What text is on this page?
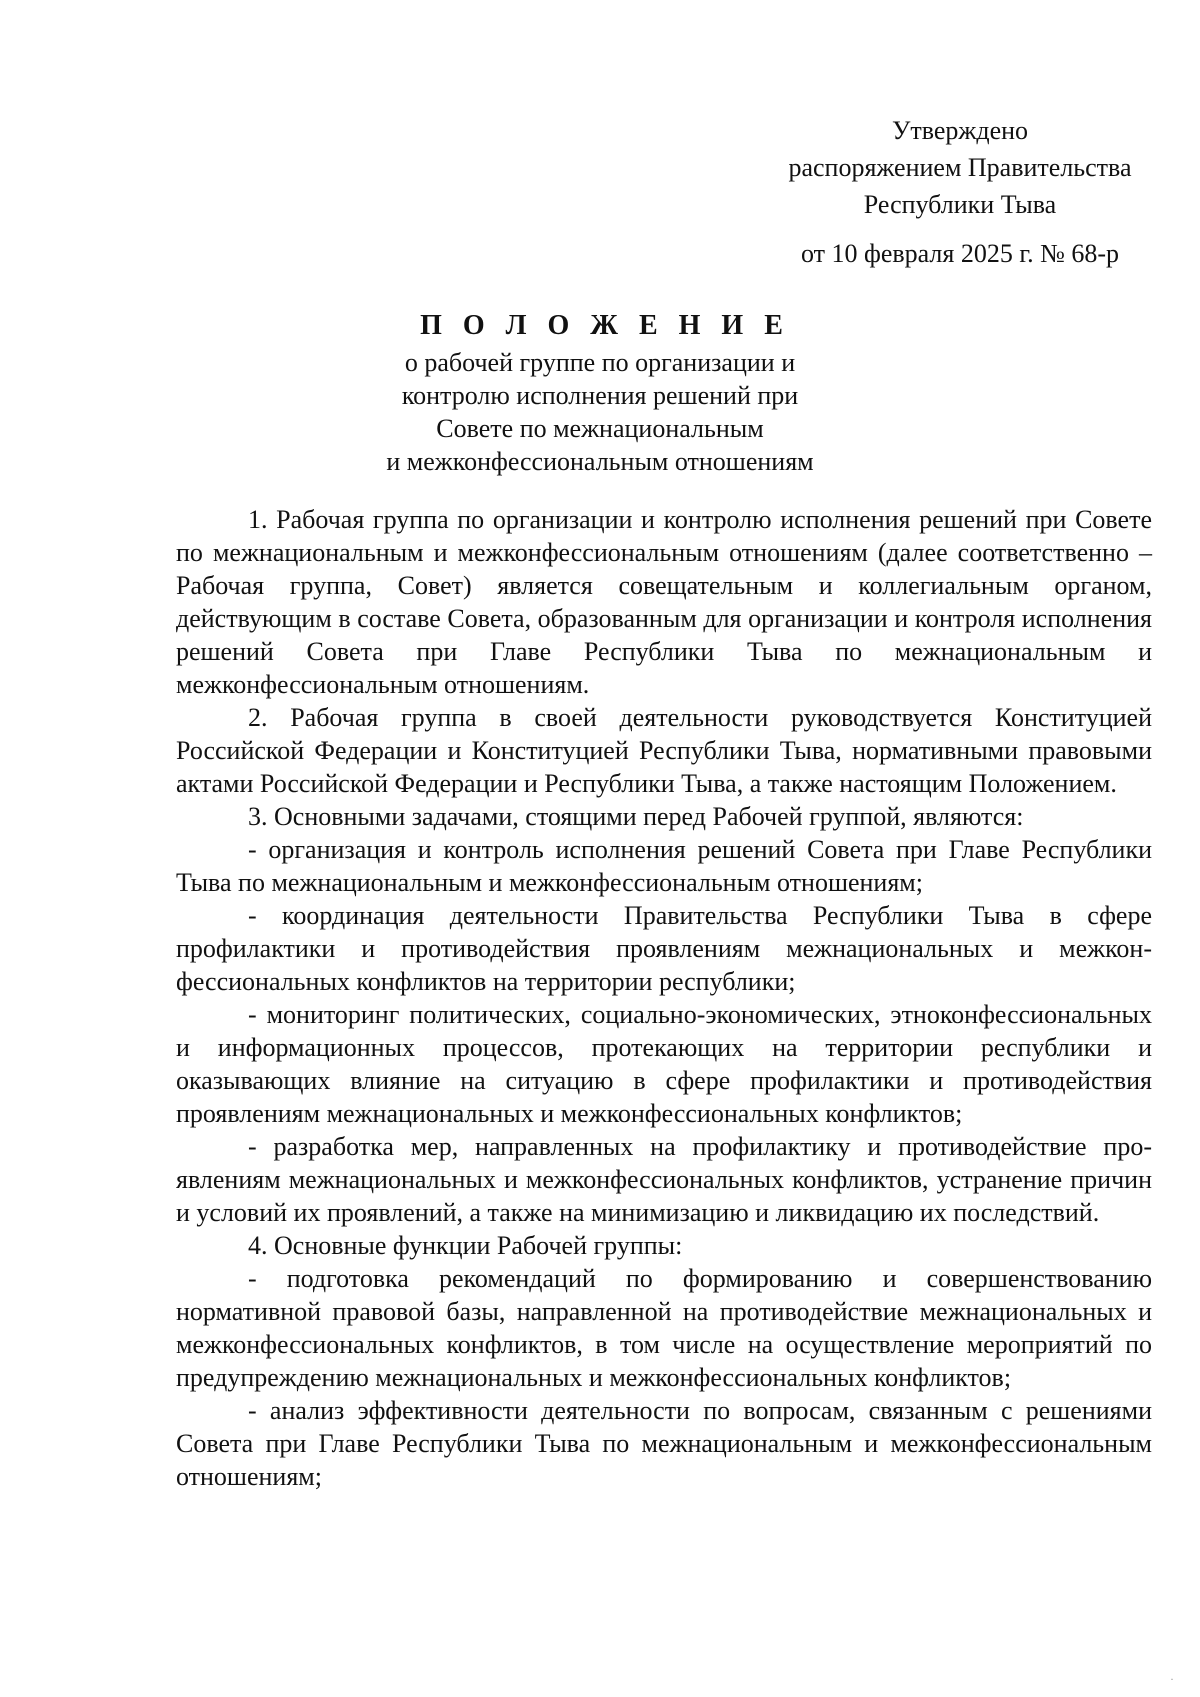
Утверждено
распоряжением Правительства
Республики Тыва
от 10 февраля 2025 г. № 68-р
П О Л О Ж Е Н И Е
о рабочей группе по организации и
контролю исполнения решений при
Совете по межнациональным
и межконфессиональным отношениям

1. Рабочая группа по организации и контролю исполнения решений при Совете по межнациональным и межконфессиональным отношениям (далее соответственно – Рабочая группа, Совет) является совещательным и коллегиальным органом, действующим в составе Совета, образованным для организации и контроля исполнения решений Совета при Главе Республики Тыва по межнациональным и межконфессиональным отношениям.

2. Рабочая группа в своей деятельности руководствуется Конституцией Российской Федерации и Конституцией Республики Тыва, нормативными правовыми актами Российской Федерации и Республики Тыва, а также настоящим Положением.

3. Основными задачами, стоящими перед Рабочей группой, являются:

- организация и контроль исполнения решений Совета при Главе Республики Тыва по межнациональным и межконфессиональным отношениям;

- координация деятельности Правительства Республики Тыва в сфере профилактики и противодействия проявлениям межнациональных и межконфессиональных конфликтов на территории республики;

- мониторинг политических, социально-экономических, этноконфессиональных и информационных процессов, протекающих на территории республики и оказывающих влияние на ситуацию в сфере профилактики и противодействия проявлениям межнациональных и межконфессиональных конфликтов;

- разработка мер, направленных на профилактику и противодействие проявлениям межнациональных и межконфессиональных конфликтов, устранение причин и условий их проявлений, а также на минимизацию и ликвидацию их последствий.

4. Основные функции Рабочей группы:

- подготовка рекомендаций по формированию и совершенствованию нормативной правовой базы, направленной на противодействие межнациональных и межконфессиональных конфликтов, в том числе на осуществление мероприятий по предупреждению межнациональных и межконфессиональных конфликтов;

- анализ эффективности деятельности по вопросам, связанным с решениями Совета при Главе Республики Тыва по межнациональным и межконфессиональным отношениям;

·
